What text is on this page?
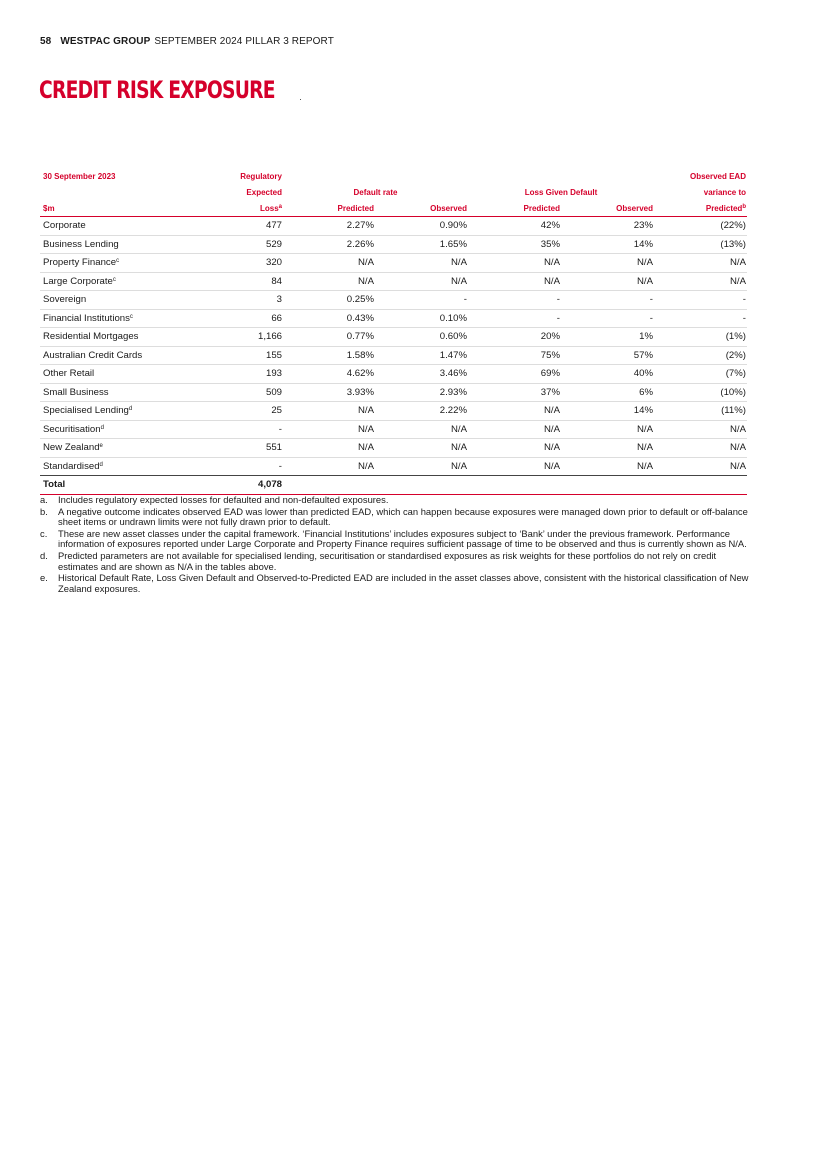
58 WESTPAC GROUP SEPTEMBER 2024 PILLAR 3 REPORT
CREDIT RISK EXPOSURE
30 September 2023	Regulatory					Observed EAD
	Expected	Default rate		Loss Given Default		variance to
$m	Loss$^a$	Predicted	Observed	Predicted	Observed	Predicted$^b$
Corporate	477	2.27%	0.90%	42%	23%	(22%)
Business Lending	529	2.26%	1.65%	35%	14%	(13%)
Property Finance$^c$	320	N/A	N/A	N/A	N/A	N/A
Large Corporate$^c$	84	N/A	N/A	N/A	N/A	N/A
Sovereign	3	0.25%	-	-	-	-
Financial Institutions$^c$	66	0.43%	0.10%	-	-	-
Residential Mortgages	1,166	0.77%	0.60%	20%	1%	(1%)
Australian Credit Cards	155	1.58%	1.47%	75%	57%	(2%)
Other Retail	193	4.62%	3.46%	69%	40%	(7%)
Small Business	509	3.93%	2.93%	37%	6%	(10%)
Specialised Lending$^d$	25	N/A	2.22%	N/A	14%	(11%)
Securitisation$^d$	-	N/A	N/A	N/A	N/A	N/A
New Zealand$^e$	551	N/A	N/A	N/A	N/A	N/A
Standardised$^d$	-	N/A	N/A	N/A	N/A	N/A
Total	4,078					
a. Includes regulatory expected losses for defaulted and non-defaulted exposures.
b. A negative outcome indicates observed EAD was lower than predicted EAD, which can happen because exposures were managed down prior to default or off-balance sheet items or undrawn limits were not fully drawn prior to default.
c. These are new asset classes under the capital framework. ‘Financial Institutions’ includes exposures subject to ‘Bank’ under the previous framework. Performance information of exposures reported under Large Corporate and Property Finance requires sufficient passage of time to be observed and thus is currently shown as N/A.
d. Predicted parameters are not available for specialised lending, securitisation or standardised exposures as risk weights for these portfolios do not rely on credit estimates and are shown as N/A in the tables above.
e. Historical Default Rate, Loss Given Default and Observed-to-Predicted EAD are included in the asset classes above, consistent with the historical classification of New Zealand exposures.
